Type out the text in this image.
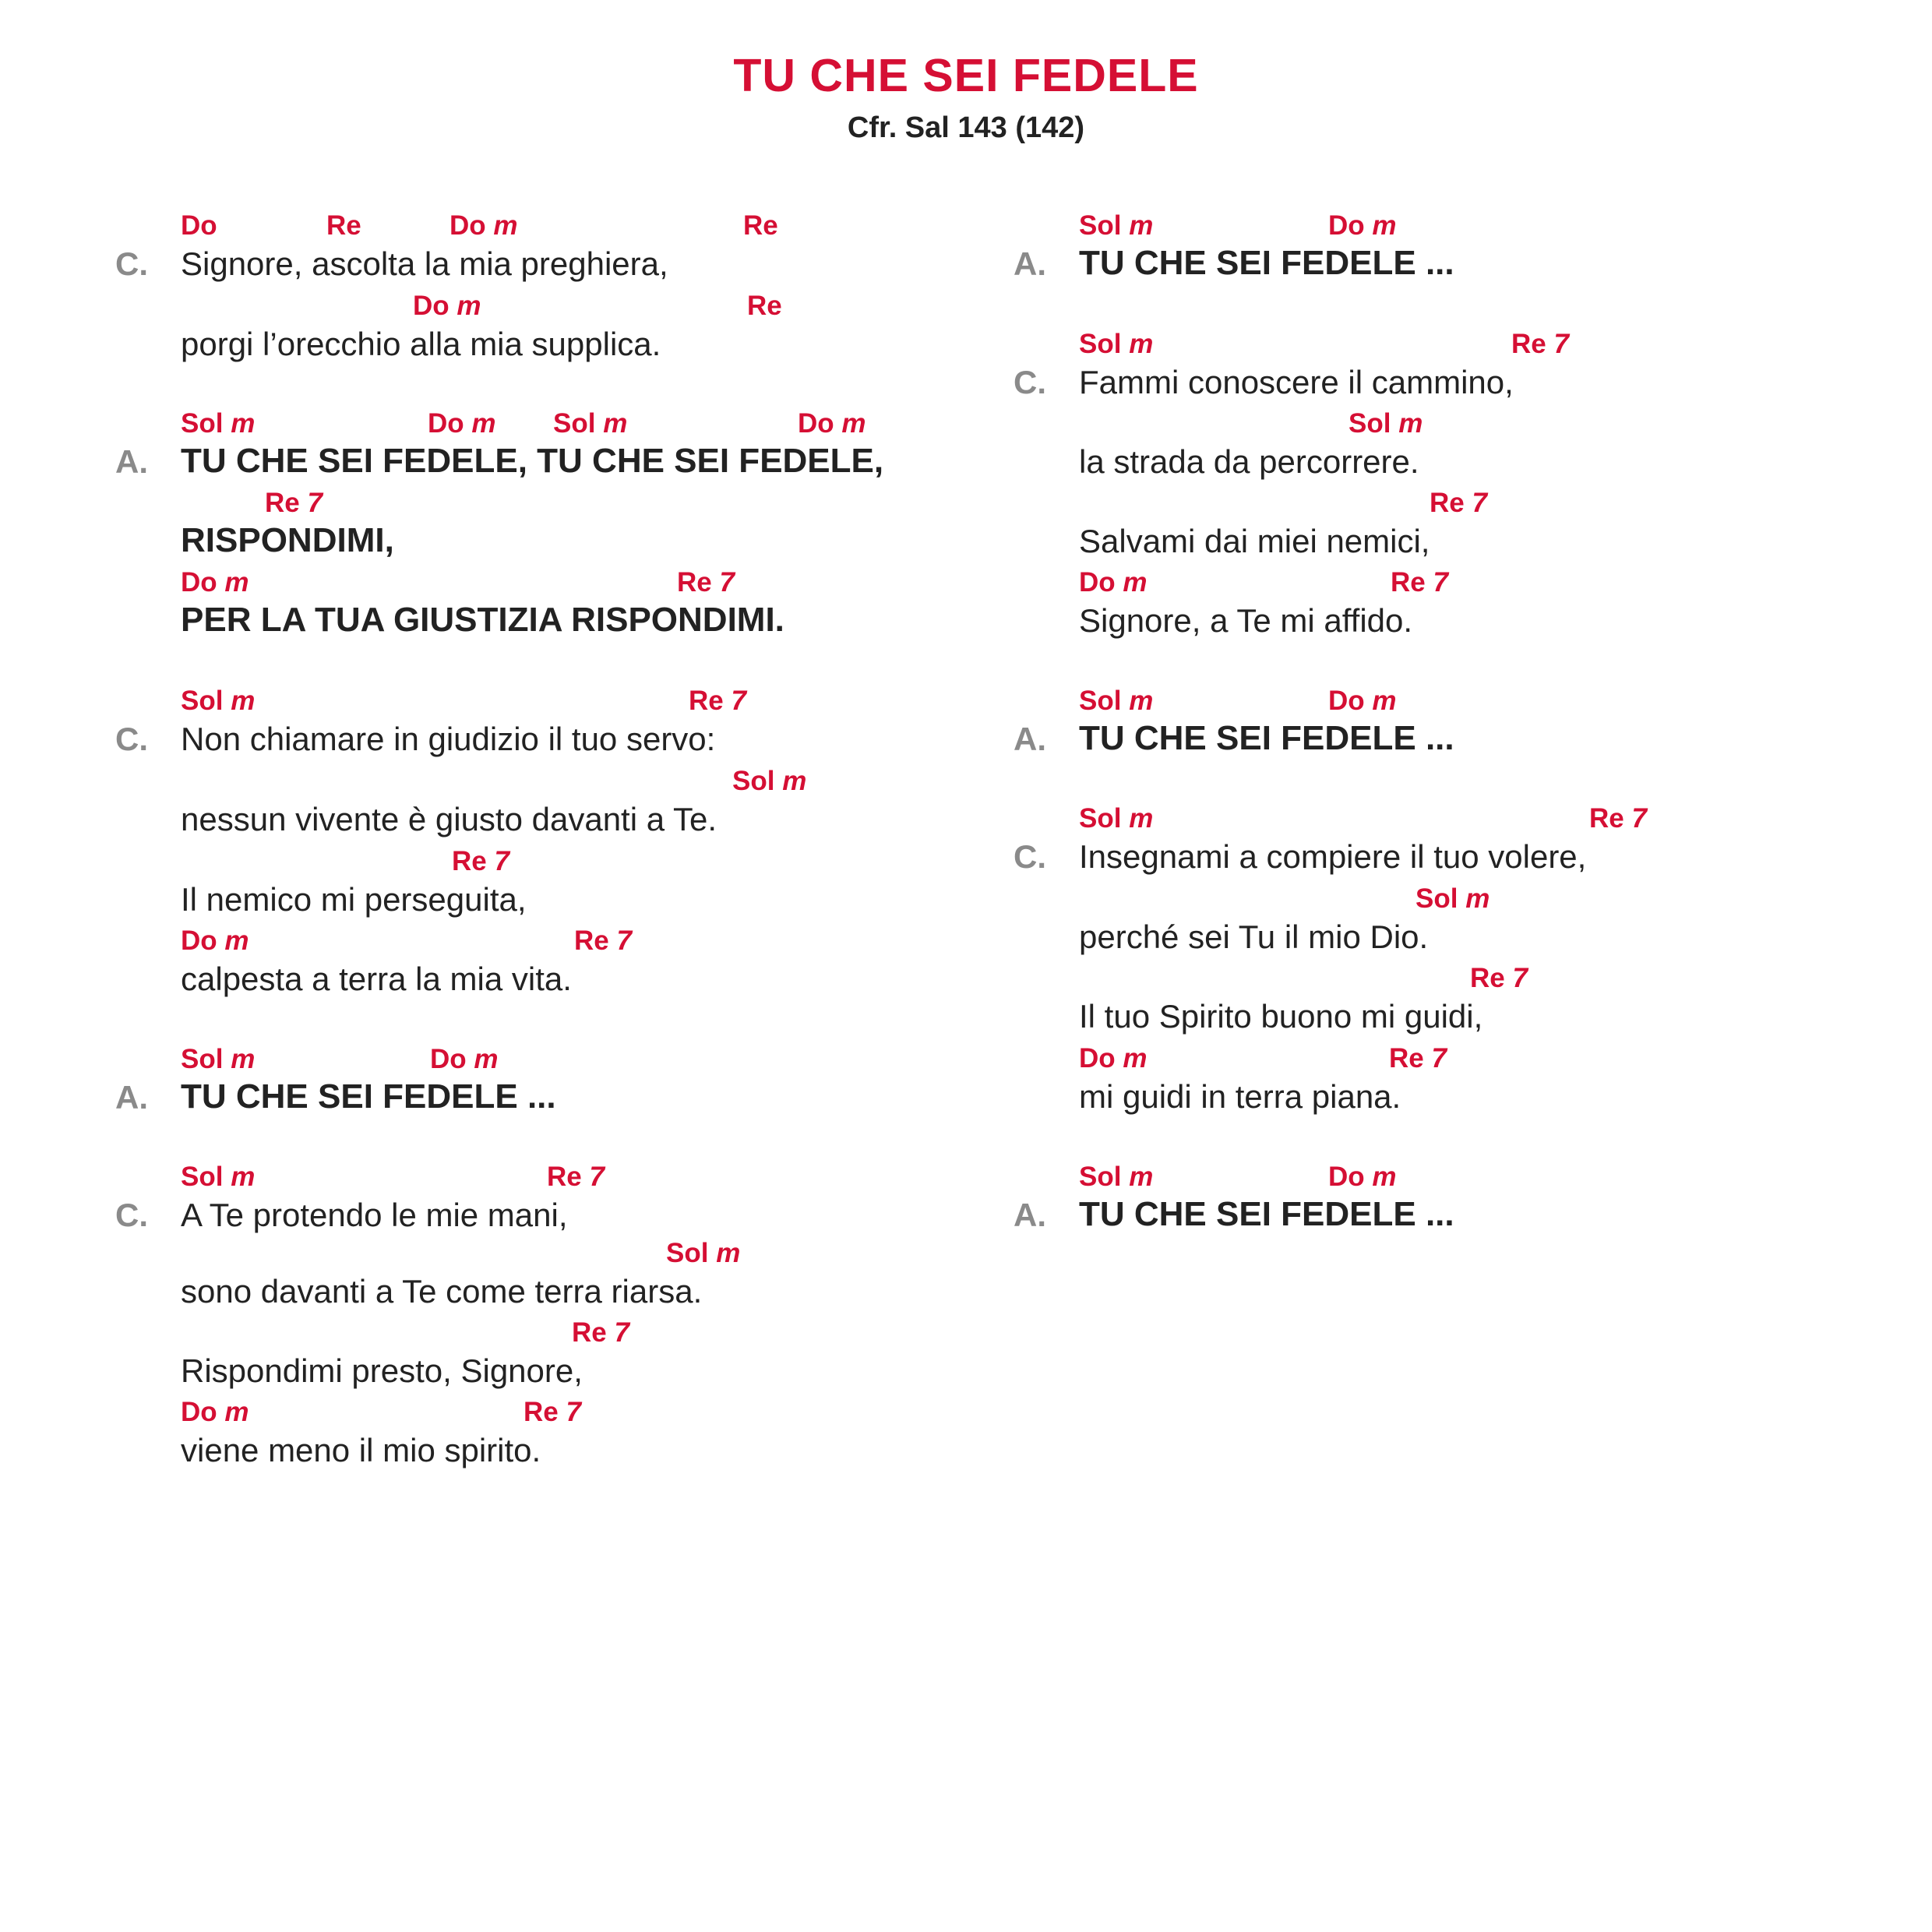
TU CHE SEI FEDELE
Cfr. Sal 143 (142)
Do	Re	Do m	Re
C. Signore, ascolta la mia preghiera,
Do m	Re
porgi l’orecchio alla mia supplica.
Sol m	Do m Sol m	Do m
A. TU CHE SEI FEDELE, TU CHE SEI FEDELE,
Re 7
RISPONDIMI,
Do m	Re 7
PER LA TUA GIUSTIZIA RISPONDIMI.
Sol m	Re 7
C. Non chiamare in giudizio il tuo servo:
Sol m
nessun vivente è giusto davanti a Te.
Re 7
Il nemico mi perseguita,
Do m	Re 7
calpesta a terra la mia vita.
Sol m	Do m
A. TU CHE SEI FEDELE ...
Sol m	Re 7
C. A Te protendo le mie mani,
Sol m
sono davanti a Te come terra riarsa.
Re 7
Rispondimi presto, Signore,
Do m	Re 7
viene meno il mio spirito.
Sol m	Do m
A. TU CHE SEI FEDELE ...
Sol m	Re 7
C. Fammi conoscere il cammino,
Sol m
la strada da percorrere.
Re 7
Salvami dai miei nemici,
Do m	Re 7
Signore, a Te mi affido.
Sol m	Do m
A. TU CHE SEI FEDELE ...
Sol m	Re 7
C. Insegnami a compiere il tuo volere,
Sol m
perché sei Tu il mio Dio.
Re 7
Il tuo Spirito buono mi guidi,
Do m	Re 7
mi guidi in terra piana.
Sol m	Do m
A. TU CHE SEI FEDELE ...
